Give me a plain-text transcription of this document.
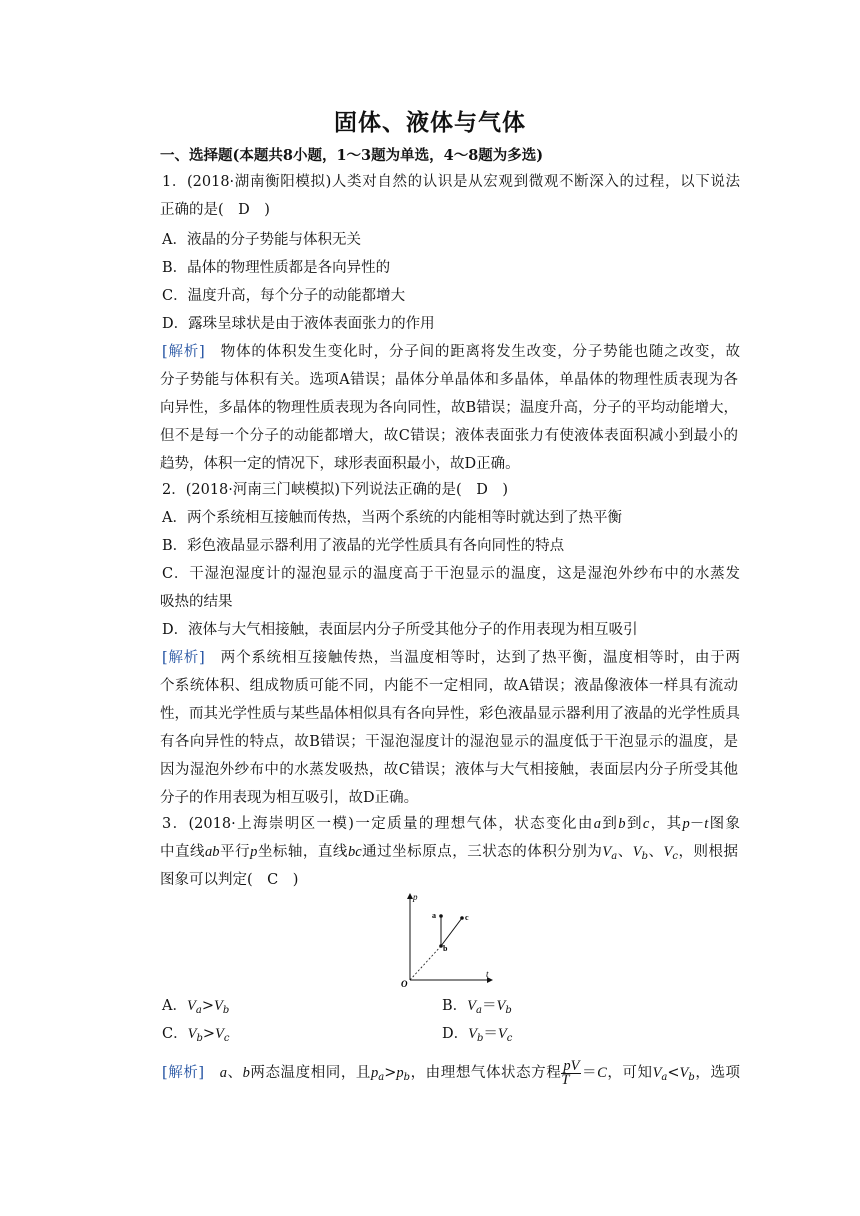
固体、液体与气体
一、选择题(本题共8小题，1～3题为单选，4～8题为多选)
1．(2018·湖南衡阳模拟)人类对自然的认识是从宏观到微观不断深入的过程，以下说法
正确的是(　D　)
A．液晶的分子势能与体积无关
B．晶体的物理性质都是各向异性的
C．温度升高，每个分子的动能都增大
D．露珠呈球状是由于液体表面张力的作用
[解析]　物体的体积发生变化时，分子间的距离将发生改变，分子势能也随之改变，故
分子势能与体积有关。选项A错误；晶体分单晶体和多晶体，单晶体的物理性质表现为各
向异性，多晶体的物理性质表现为各向同性，故B错误；温度升高，分子的平均动能增大，
但不是每一个分子的动能都增大，故C错误；液体表面张力有使液体表面积减小到最小的
趋势，体积一定的情况下，球形表面积最小，故D正确。
2．(2018·河南三门峡模拟)下列说法正确的是(　D　)
A．两个系统相互接触而传热，当两个系统的内能相等时就达到了热平衡
B．彩色液晶显示器利用了液晶的光学性质具有各向同性的特点
C．干湿泡湿度计的湿泡显示的温度高于干泡显示的温度，这是湿泡外纱布中的水蒸发
吸热的结果
D．液体与大气相接触，表面层内分子所受其他分子的作用表现为相互吸引
[解析]　两个系统相互接触传热，当温度相等时，达到了热平衡，温度相等时，由于两
个系统体积、组成物质可能不同，内能不一定相同，故A错误；液晶像液体一样具有流动
性，而其光学性质与某些晶体相似具有各向异性，彩色液晶显示器利用了液晶的光学性质具
有各向异性的特点，故B错误；干湿泡湿度计的湿泡显示的温度低于干泡显示的温度，是
因为湿泡外纱布中的水蒸发吸热，故C错误；液体与大气相接触，表面层内分子所受其他
分子的作用表现为相互吸引，故D正确。
3．(2018·上海崇明区一模)一定质量的理想气体，状态变化由a到b到c，其p－t图象
中直线ab平行p坐标轴，直线bc通过坐标原点，三状态的体积分别为$V_a$、$V_b$、$V_c$，则根据
图象可以判定(　C　)
p
t
O
a
b
c
A．$V_a>V_b$	B．$V_a=V_b$
C．$V_b>V_c$	D．$V_b=V_c$
[解析]　 a、b两态温度相同，且$p_a>p_b$，由理想气体状态方程 $\frac{pV}{T} =C$，可知$V_a<V_b$，选项
